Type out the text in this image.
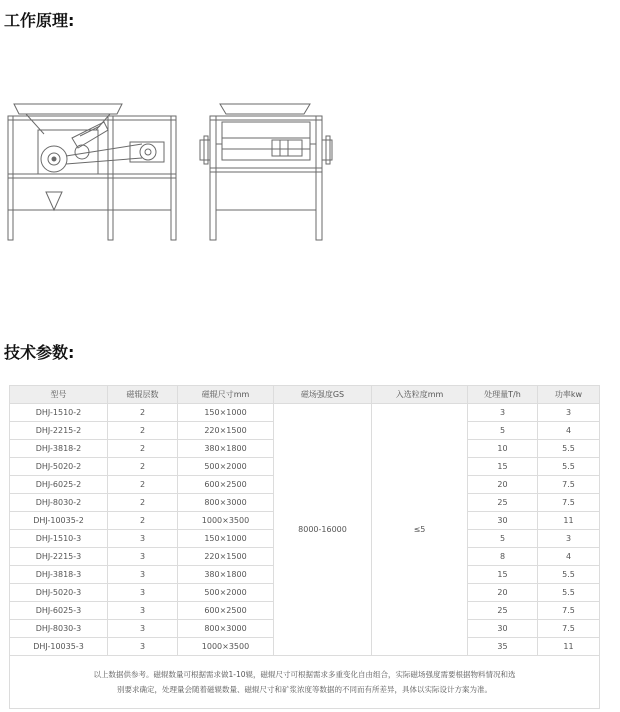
工作原理:
技术参数:
型号	磁辊层数	磁辊尺寸mm	磁场强度GS	入选粒度mm	处理量T/h	功率kw
DHJ-1510-2	2	150×1000	8000-16000	≤5	3	3
DHJ-2215-2	2	220×1500			5	4
DHJ-3818-2	2	380×1800			10	5.5
DHJ-5020-2	2	500×2000			15	5.5
DHJ-6025-2	2	600×2500			20	7.5
DHJ-8030-2	2	800×3000			25	7.5
DHJ-10035-2	2	1000×3500			30	11
DHJ-1510-3	3	150×1000			5	3
DHJ-2215-3	3	220×1500			8	4
DHJ-3818-3	3	380×1800			15	5.5
DHJ-5020-3	3	500×2000			20	5.5
DHJ-6025-3	3	600×2500			25	7.5
DHJ-8030-3	3	800×3000			30	7.5
DHJ-10035-3	3	1000×3500			35	11
以上数据供参考。磁辊数量可根据需求做1-10辊，磁辊尺寸可根据需求多重变化自由组合，实际磁场强度需要根据物料情况和选别要求确定，处理量会随着磁辊数量、磁辊尺寸和矿浆浓度等数据的不同而有所差异，具体以实际设计方案为准。						
